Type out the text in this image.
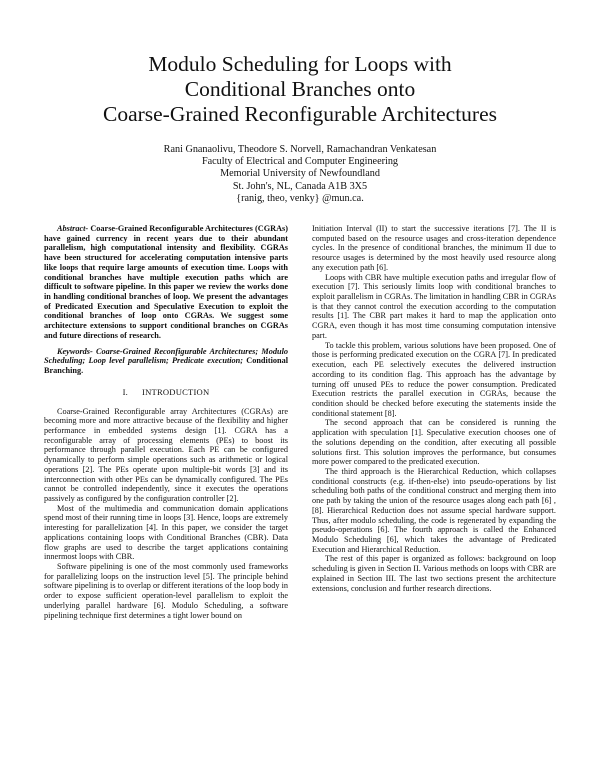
Modulo Scheduling for Loops with
Conditional Branches onto
Coarse-Grained Reconfigurable Architectures
Rani Gnanaolivu, Theodore S. Norvell, Ramachandran Venkatesan
Faculty of Electrical and Computer Engineering
Memorial University of Newfoundland
St. John's, NL, Canada A1B 3X5
{ranig, theo, venky} @mun.ca.

Abstract- Coarse-Grained Reconfigurable Architectures (CGRAs) have gained currency in recent years due to their abundant parallelism, high computational intensity and flexibility. CGRAs have been structured for accelerating computation intensive parts like loops that require large amounts of execution time. Loops with conditional branches have multiple execution paths which are difficult to software pipeline. In this paper we review the works done in handling conditional branches of loop. We present the advantages of Predicated Execution and Speculative Execution to exploit the conditional branches of loop onto CGRAs. We suggest some architecture extensions to support conditional branches on CGRAs and future directions of research.

Keywords- Coarse-Grained Reconfigurable Architectures; Modulo Scheduling; Loop level parallelism; Predicate execution; Conditional Branching.

I. INTRODUCTION

Coarse-Grained Reconfigurable array Architectures (CGRAs) are becoming more and more attractive because of the flexibility and higher performance in embedded systems design [1]. CGRA has a reconfigurable array of processing elements (PEs) to boost its performance through parallel execution. Each PE can be configured dynamically to perform simple operations such as arithmetic or logical operations [2]. The PEs operate upon multiple-bit words [3] and its interconnection with other PEs can be dynamically configured. The PEs cannot be controlled independently, since it executes the operations passively as configured by the configuration controller [2].

Most of the multimedia and communication domain applications spend most of their running time in loops [3]. Hence, loops are extremely interesting for parallelization [4]. In this paper, we consider the target applications containing loops with Conditional Branches (CBR). Data flow graphs are used to describe the target applications containing innermost loops with CBR.

Software pipelining is one of the most commonly used frameworks for parallelizing loops on the instruction level [5]. The principle behind software pipelining is to overlap or different iterations of the loop body in order to expose sufficient operation-level parallelism to exploit the underlying parallel hardware [6]. Modulo Scheduling, a software pipelining technique first determines a tight lower bound on

Initiation Interval (II) to start the successive iterations [7]. The II is computed based on the resource usages and cross-iteration dependence cycles. In the presence of conditional branches, the minimum II due to resource usages is determined by the most heavily used resource along any execution path [6].

Loops with CBR have multiple execution paths and irregular flow of execution [7]. This seriously limits loop with conditional branches to exploit parallelism in CGRAs. The limitation in handling CBR in CGRAs is that they cannot control the execution according to the computation results [1]. The CBR part makes it hard to map the application onto CGRA, even though it has most time consuming computation intensive part.

To tackle this problem, various solutions have been proposed. One of those is performing predicated execution on the CGRA [7]. In predicated execution, each PE selectively executes the delivered instruction according to its condition flag. This approach has the advantage by turning off unused PEs to reduce the power consumption. Predicated Execution restricts the parallel execution in CGRAs, because the condition should be checked before executing the statements inside the conditional statement [8].

The second approach that can be considered is running the application with speculation [1]. Speculative execution chooses one of the solutions depending on the condition, after executing all possible solutions first. This solution improves the performance, but consumes more power compared to the predicated execution.

The third approach is the Hierarchical Reduction, which collapses conditional constructs (e.g. if-then-else) into pseudo-operations by list scheduling both paths of the conditional construct and merging them into one path by taking the union of the resource usages along each path [6] , [8]. Hierarchical Reduction does not assume special hardware support. Thus, after modulo scheduling, the code is regenerated by expanding the pseudo-operations [6]. The fourth approach is called the Enhanced Modulo Scheduling [6], which takes the advantage of Predicated Execution and Hierarchical Reduction.

The rest of this paper is organized as follows: background on loop scheduling is given in Section II. Various methods on loops with CBR are explained in Section III. The last two sections present the architecture extensions, conclusion and further research directions.
